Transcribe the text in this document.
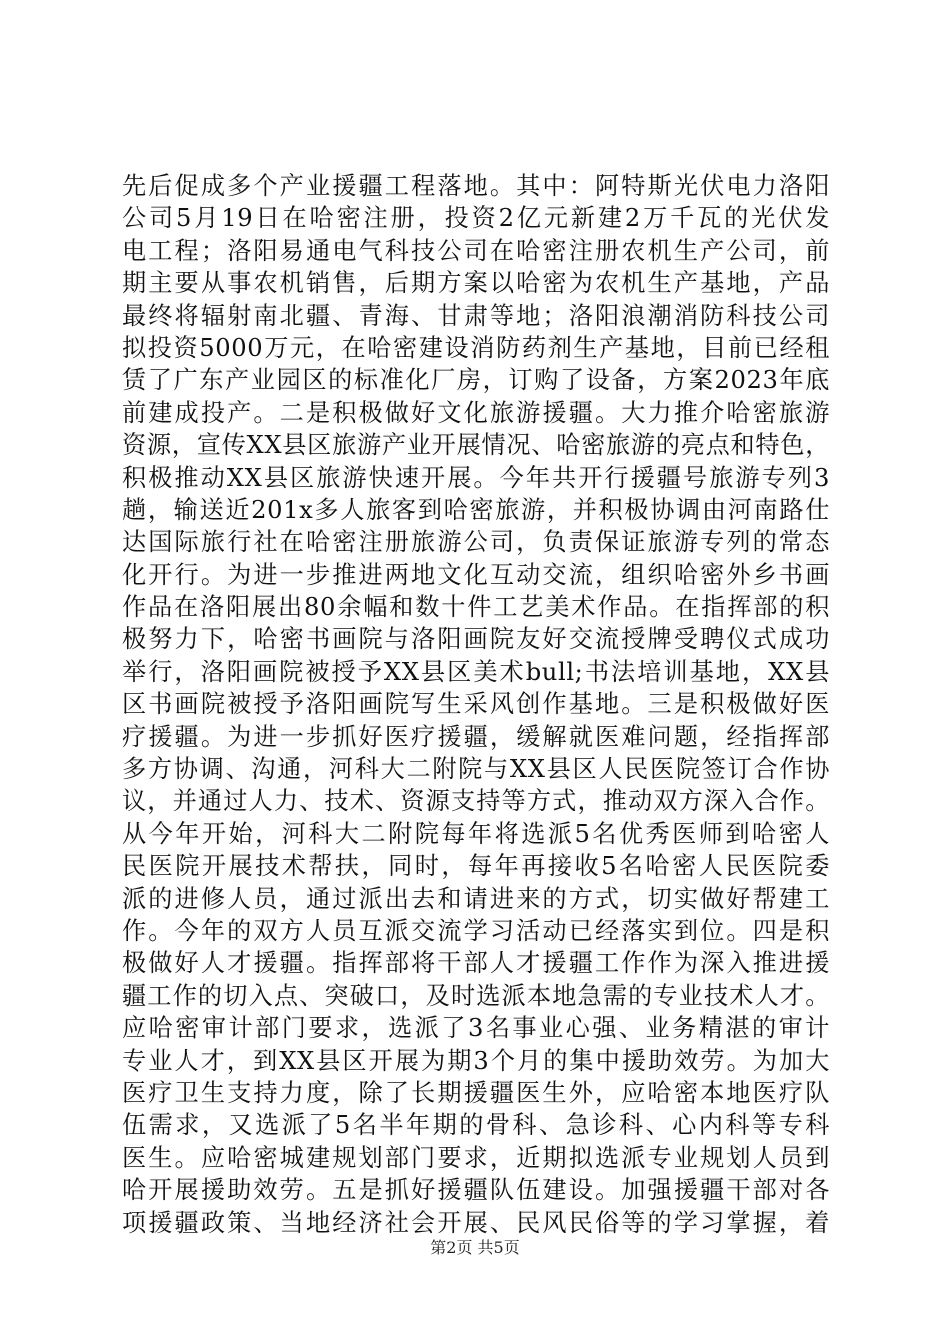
先后促成多个产业援疆工程落地。其中：阿特斯光伏电力洛阳
公司5月19日在哈密注册，投资2亿元新建2万千瓦的光伏发
电工程；洛阳易通电气科技公司在哈密注册农机生产公司，前
期主要从事农机销售，后期方案以哈密为农机生产基地，产品
最终将辐射南北疆、青海、甘肃等地；洛阳浪潮消防科技公司
拟投资5000万元，在哈密建设消防药剂生产基地，目前已经租
赁了广东产业园区的标准化厂房，订购了设备，方案2023年底
前建成投产。二是积极做好文化旅游援疆。大力推介哈密旅游
资源，宣传XX县区旅游产业开展情况、哈密旅游的亮点和特色，
积极推动XX县区旅游快速开展。今年共开行援疆号旅游专列3
趟，输送近201x多人旅客到哈密旅游，并积极协调由河南路仕
达国际旅行社在哈密注册旅游公司，负责保证旅游专列的常态
化开行。为进一步推进两地文化互动交流，组织哈密外乡书画
作品在洛阳展出80余幅和数十件工艺美术作品。在指挥部的积
极努力下，哈密书画院与洛阳画院友好交流授牌受聘仪式成功
举行，洛阳画院被授予XX县区美术bull;书法培训基地，XX县
区书画院被授予洛阳画院写生采风创作基地。三是积极做好医
疗援疆。为进一步抓好医疗援疆，缓解就医难问题，经指挥部
多方协调、沟通，河科大二附院与XX县区人民医院签订合作协
议，并通过人力、技术、资源支持等方式，推动双方深入合作。
从今年开始，河科大二附院每年将选派5名优秀医师到哈密人
民医院开展技术帮扶，同时，每年再接收5名哈密人民医院委
派的进修人员，通过派出去和请进来的方式，切实做好帮建工
作。今年的双方人员互派交流学习活动已经落实到位。四是积
极做好人才援疆。指挥部将干部人才援疆工作作为深入推进援
疆工作的切入点、突破口，及时选派本地急需的专业技术人才。
应哈密审计部门要求，选派了3名事业心强、业务精湛的审计
专业人才，到XX县区开展为期3个月的集中援助效劳。为加大
医疗卫生支持力度，除了长期援疆医生外，应哈密本地医疗队
伍需求，又选派了5名半年期的骨科、急诊科、心内科等专科
医生。应哈密城建规划部门要求，近期拟选派专业规划人员到
哈开展援助效劳。五是抓好援疆队伍建设。加强援疆干部对各
项援疆政策、当地经济社会开展、民风民俗等的学习掌握，着
第2页 共5页
